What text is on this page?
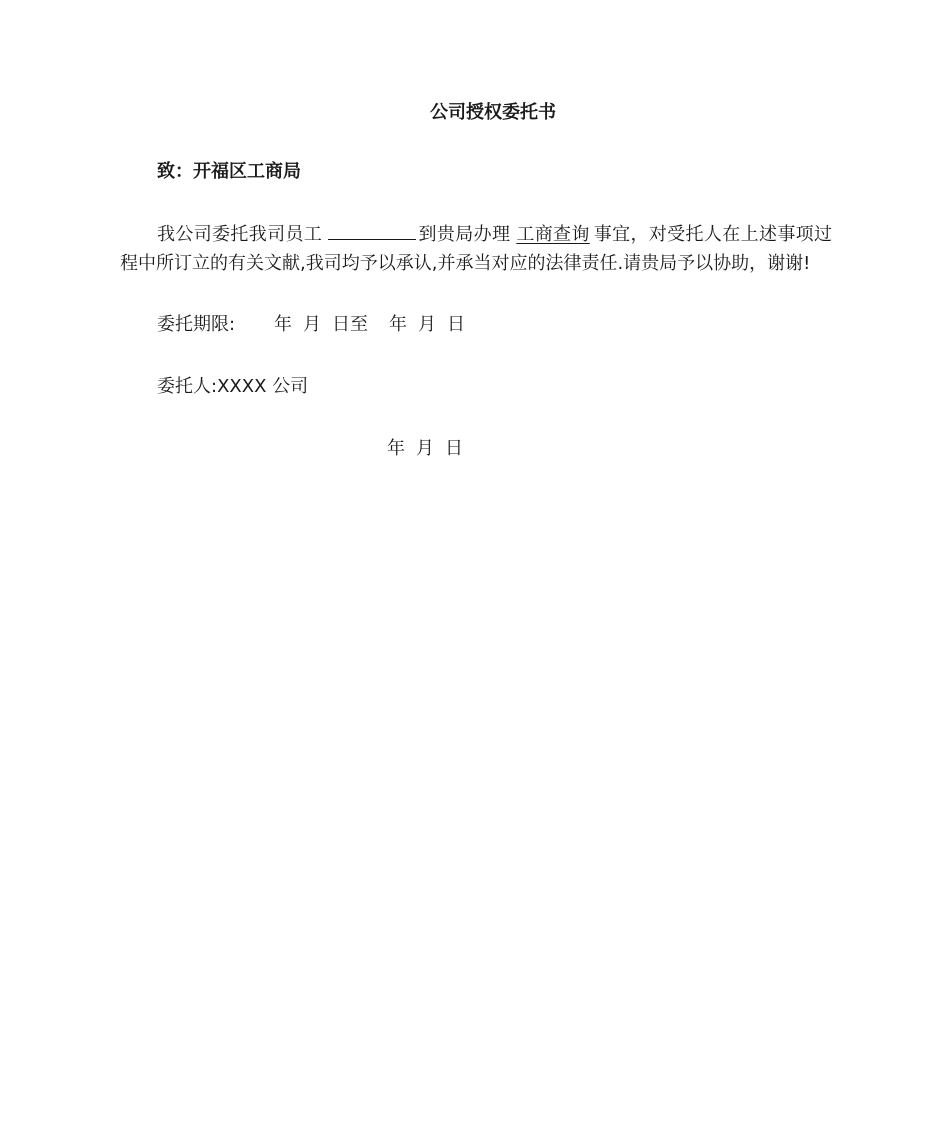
公司授权委托书
致：开福区工商局
我公司委托我司员工	到贵局办理 工商查询 事宜，对受托人在上述事项过程中所订立的有关文献,我司均予以承认,并承当对应的法律责任.请贵局予以协助，谢谢!
委托期限: 年 月 日至 年 月 日
委托人:XXXX 公司
年 月 日
